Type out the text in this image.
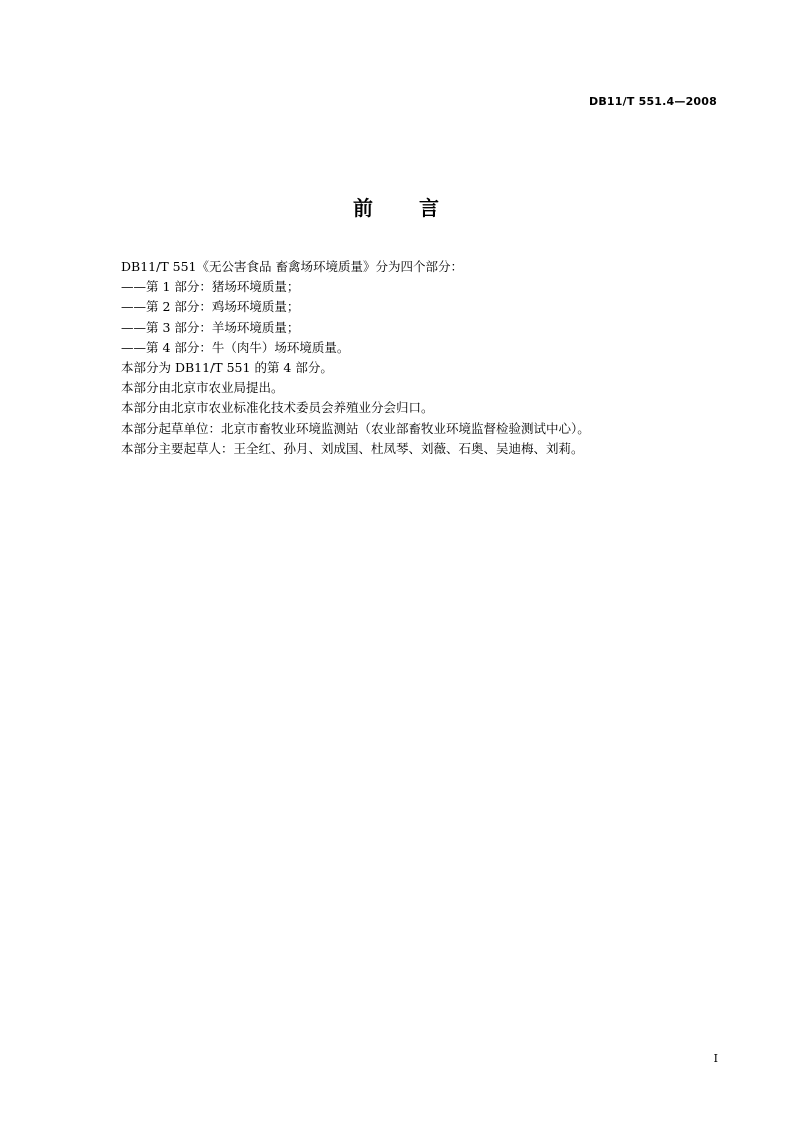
DB11/T 551.4—2008
前 言
DB11/T 551《无公害食品 畜禽场环境质量》分为四个部分：
——第 1 部分：猪场环境质量；
——第 2 部分：鸡场环境质量；
——第 3 部分：羊场环境质量；
——第 4 部分：牛（肉牛）场环境质量。
本部分为 DB11/T 551 的第 4 部分。
本部分由北京市农业局提出。
本部分由北京市农业标准化技术委员会养殖业分会归口。
本部分起草单位：北京市畜牧业环境监测站（农业部畜牧业环境监督检验测试中心）。
本部分主要起草人：王全红、孙月、刘成国、杜凤琴、刘薇、石奥、吴迪梅、刘莉。
I
